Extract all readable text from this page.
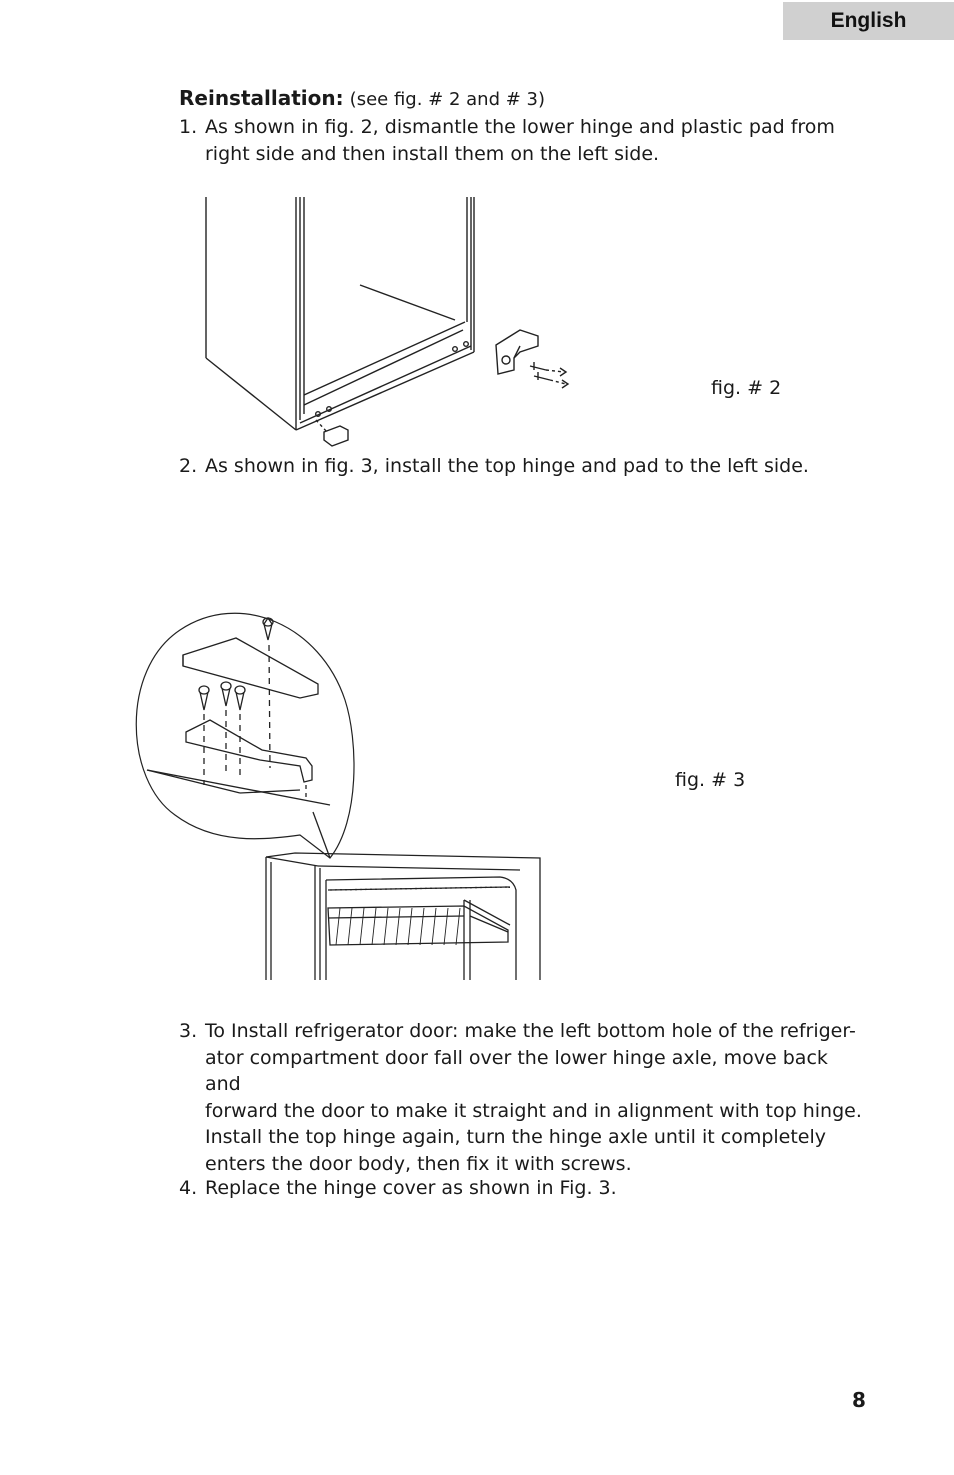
English
Reinstallation: (see fig. # 2 and # 3)
1. As shown in fig. 2, dismantle the lower hinge and plastic pad from
right side and then install them on the left side.
fig. # 2
2. As shown in fig. 3, install the top hinge and pad to the left side.
fig. # 3
3. To Install refrigerator door: make the left bottom hole of the refriger-
ator compartment door fall over the lower hinge axle, move back
and
forward the door to make it straight and in alignment with top hinge.
Install the top hinge again, turn the hinge axle until it completely
enters the door body, then fix it with screws.
4. Replace the hinge cover as shown in Fig. 3.
8
